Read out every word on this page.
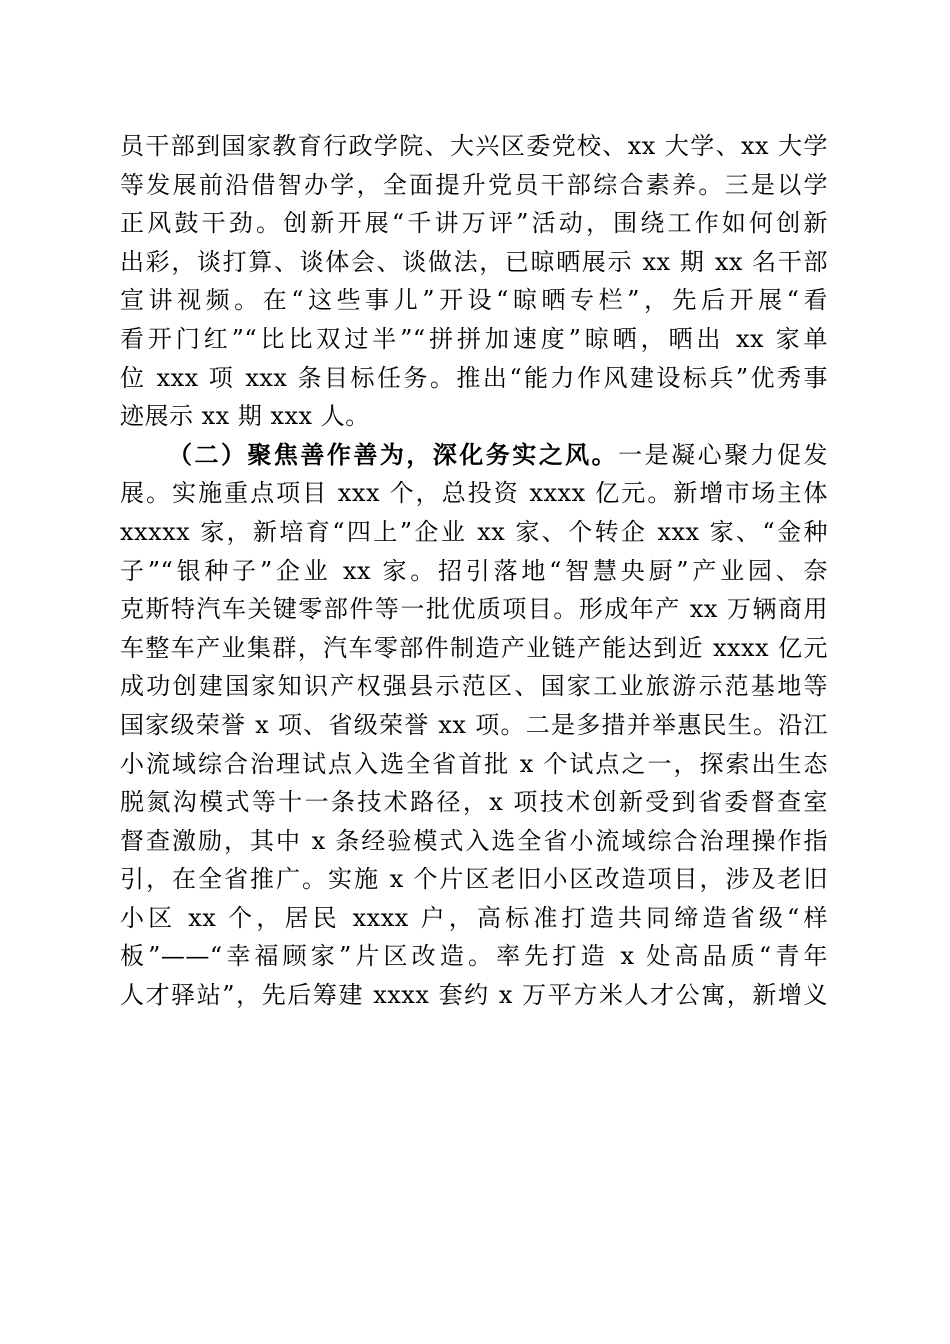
员干部到国家教育行政学院、大兴区委党校、xx 大学、xx 大学
等发展前沿借智办学，全面提升党员干部综合素养。三是以学
正风鼓干劲。创新开展“千讲万评”活动，围绕工作如何创新
出彩，谈打算、谈体会、谈做法，已晾晒展示 xx 期 xx 名干部
宣讲视频。在“这些事儿”开设“晾晒专栏”，先后开展“看
看开门红”“比比双过半”“拼拼加速度”晾晒，晒出 xx 家单
位 xxx 项 xxx 条目标任务。推出“能力作风建设标兵”优秀事
迹展示 xx 期 xxx 人。
（二）聚焦善作善为，深化务实之风。一是凝心聚力促发
展。实施重点项目 xxx 个，总投资 xxxx 亿元。新增市场主体
xxxxx 家，新培育“四上”企业 xx 家、个转企 xxx 家、“金种
子”“银种子”企业 xx 家。招引落地“智慧央厨”产业园、奈
克斯特汽车关键零部件等一批优质项目。形成年产 xx 万辆商用
车整车产业集群，汽车零部件制造产业链产能达到近 xxxx 亿元
成功创建国家知识产权强县示范区、国家工业旅游示范基地等
国家级荣誉 x 项、省级荣誉 xx 项。二是多措并举惠民生。沿江
小流域综合治理试点入选全省首批 x 个试点之一，探索出生态
脱氮沟模式等十一条技术路径，x 项技术创新受到省委督查室
督查激励，其中 x 条经验模式入选全省小流域综合治理操作指
引，在全省推广。实施 x 个片区老旧小区改造项目，涉及老旧
小区 xx 个，居民 xxxx 户，高标准打造共同缔造省级“样
板”——“幸福顾家”片区改造。率先打造 x 处高品质“青年
人才驿站”，先后筹建 xxxx 套约 x 万平方米人才公寓，新增义
